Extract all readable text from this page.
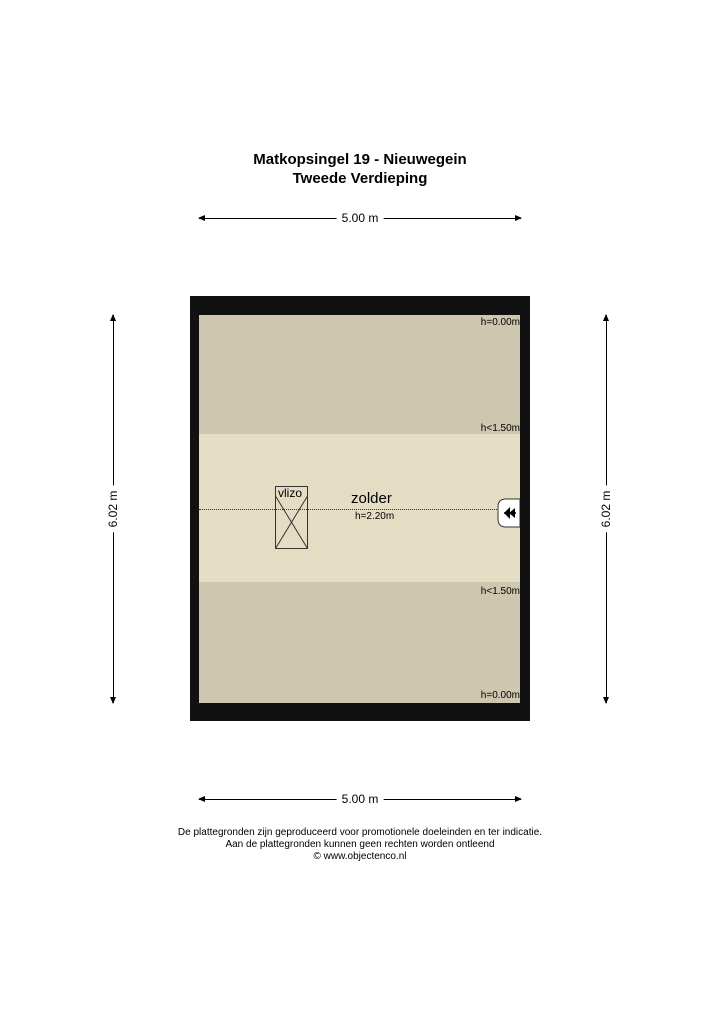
Matkopsingel 19 - Nieuwegein
Tweede Verdieping
5.00 m
6.02 m	6.02 m
h=0.00m
h<1.50m
h<1.50m
h=0.00m
vlizo	zolder
h=2.20m
5.00 m
De plattegronden zijn geproduceerd voor promotionele doeleinden en ter indicatie.
Aan de plattegronden kunnen geen rechten worden ontleend
© www.objectenco.nl
